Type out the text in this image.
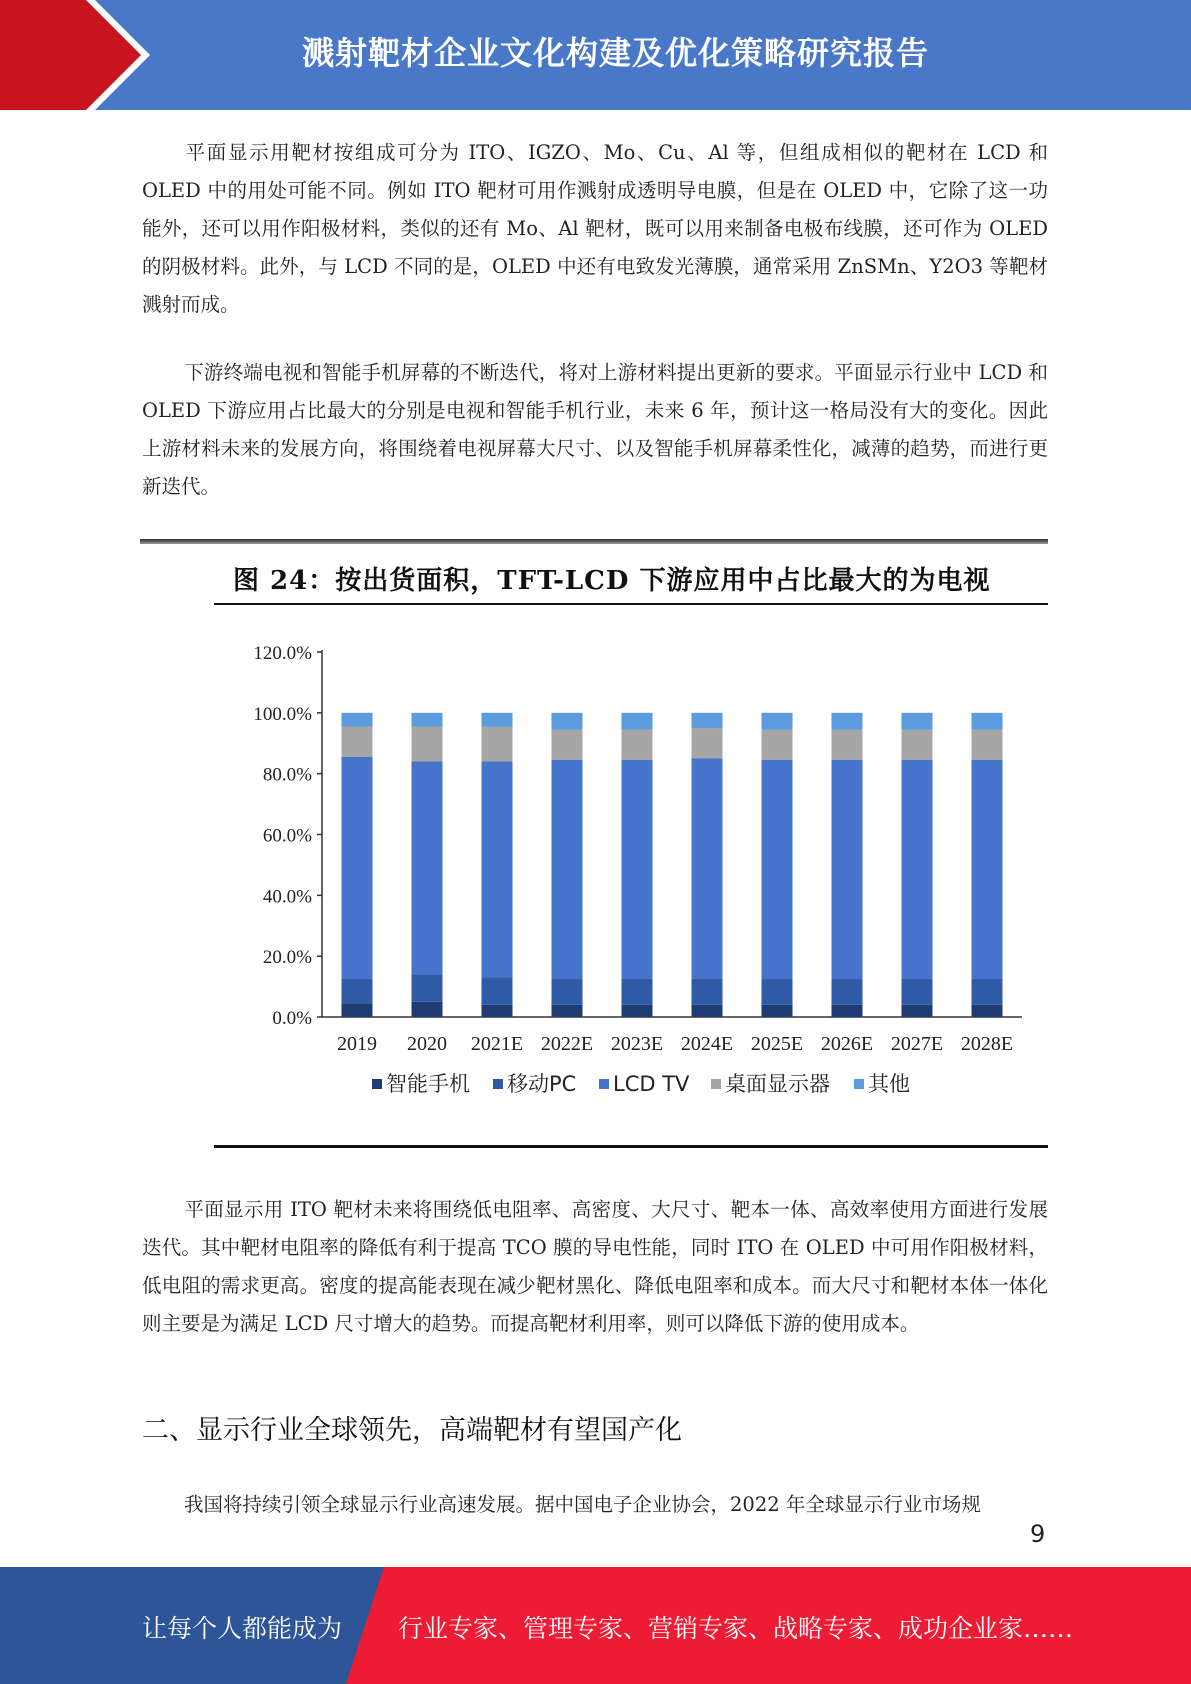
溅射靶材企业文化构建及优化策略研究报告
平面显示用靶材按组成可分为 ITO、IGZO、Mo、Cu、Al 等，但组成相似的靶材在 LCD 和 OLED 中的用处可能不同。例如 ITO 靶材可用作溅射成透明导电膜，但是在 OLED 中，它除了这一功能外，还可以用作阳极材料，类似的还有 Mo、Al 靶材，既可以用来制备电极布线膜，还可作为 OLED 的阴极材料。此外，与 LCD 不同的是，OLED 中还有电致发光薄膜，通常采用 ZnSMn、Y2O3 等靶材溅射而成。
下游终端电视和智能手机屏幕的不断迭代，将对上游材料提出更新的要求。平面显示行业中 LCD 和 OLED 下游应用占比最大的分别是电视和智能手机行业，未来 6 年，预计这一格局没有大的变化。因此上游材料未来的发展方向，将围绕着电视屏幕大尺寸、以及智能手机屏幕柔性化，减薄的趋势，而进行更新迭代。
图 24：按出货面积，TFT-LCD 下游应用中占比最大的为电视
0.0%
20.0%
40.0%
60.0%
80.0%
100.0%
120.0%
2019 2020 2021E 2022E 2023E 2024E 2025E 2026E 2027E 2028E
智能手机 移动PC LCD TV 桌面显示器 其他
平面显示用 ITO 靶材未来将围绕低电阻率、高密度、大尺寸、靶本一体、高效率使用方面进行发展迭代。其中靶材电阻率的降低有利于提高 TCO 膜的导电性能，同时 ITO 在 OLED 中可用作阳极材料，低电阻的需求更高。密度的提高能表现在减少靶材黑化、降低电阻率和成本。而大尺寸和靶材本体一体化则主要是为满足 LCD 尺寸增大的趋势。而提高靶材利用率，则可以降低下游的使用成本。
二、显示行业全球领先，高端靶材有望国产化
我国将持续引领全球显示行业高速发展。据中国电子企业协会，2022 年全球显示行业市场规
9
让每个人都能成为 行业专家、管理专家、营销专家、战略专家、成功企业家……
